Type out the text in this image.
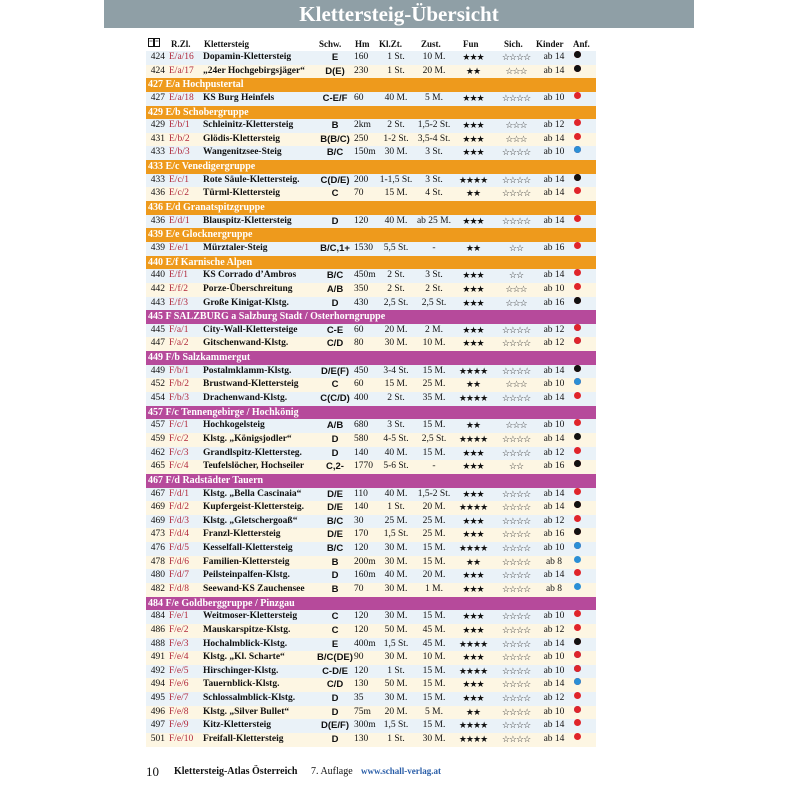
Klettersteig-Übersicht
R.Zl. Klettersteig	Schw. Hm Kl.Zt. Zust. Fun	Sich. Kinder Anf.
424 E/a/16 Dopamin-Klettersteig	E	160	1 St.	10 M.	★★★	☆☆☆☆	ab 14
424 E/a/17 „24er Hochgebirgsjäger“	D(E) 230	1 St.	20 M.	★★	☆☆☆	ab 14
427 E/a Hochpustertal
427 E/a/18 KS Burg Heinfels	C-E/F 60	40 M.	5 M.	★★★	☆☆☆☆	ab 10
429 E/b Schobergruppe
429 E/b/1 Schleinitz-Klettersteig	B	2km	2 St.	1,5-2 St.	★★★	☆☆☆	ab 12
431 E/b/2 Glödis-Klettersteig	B(B/C) 250	1-2 St. 3,5-4 St.	★★★	☆☆☆	ab 14
433 E/b/3 Wangenitzsee-Steig	B/C	150m 30 M.	3 St.	★★★	☆☆☆☆	ab 10
433 E/c Venedigergruppe
433 E/c/1 Rote Säule-Klettersteig.	C(D/E) 200	1-1,5 St.	3 St.	★★★★	☆☆☆☆	ab 14
436 E/c/2 Türml-Klettersteig	C	70	15 M.	4 St.	★★	☆☆☆☆	ab 14
436 E/d Granatspitzgruppe
436 E/d/1 Blauspitz-Klettersteig	D	120	40 M.	ab 25 M.	★★★	☆☆☆☆	ab 14
439 E/e Glocknergruppe
439 E/e/1 Mürztaler-Steig	B/C,1+ 1530	5,5 St.	-	★★	☆☆	ab 16
440 E/f Karnische Alpen
440 E/f/1 KS Corrado d’Ambros	B/C	450m	2 St.	3 St.	★★★	☆☆	ab 14
442 E/f/2 Porze-Überschreitung	A/B	350	2 St.	2 St.	★★★	☆☆☆	ab 10
443 E/f/3 Große Kinigat-Klstg.	D	430	2,5 St.	2,5 St.	★★★	☆☆☆	ab 16
445 F SALZBURG a Salzburg Stadt / Osterhorngruppe
445 F/a/1 City-Wall-Klettersteige	C-E	60	20 M.	2 M.	★★★	☆☆☆☆	ab 12
447 F/a/2 Gitschenwand-Klstg.	C/D	80	30 M.	10 M.	★★★	☆☆☆☆	ab 12
449 F/b Salzkammergut
449 F/b/1 Postalmklamm-Klstg.	D/E(F) 450	3-4 St.	15 M.	★★★★	☆☆☆☆	ab 14
452 F/b/2 Brustwand-Klettersteig	C	60	15 M.	25 M.	★★	☆☆☆	ab 10
454 F/b/3 Drachenwand-Klstg.	C(C/D) 400	2 St.	35 M.	★★★★	☆☆☆☆	ab 14
457 F/c Tennengebirge / Hochkönig
457 F/c/1 Hochkogelsteig	A/B	680	3 St.	15 M.	★★	☆☆☆	ab 10
459 F/c/2 Klstg. „Königsjodler“	D	580	4-5 St.	2,5 St.	★★★★	☆☆☆☆	ab 14
462 F/c/3 Grandlspitz-Klettersteg.	D	140	40 M.	15 M.	★★★	☆☆☆☆	ab 12
465 F/c/4 Teufelslöcher, Hochseiler	C,2-	1770	5-6 St.	-	★★★	☆☆	ab 16
467 F/d Radstädter Tauern
467 F/d/1 Klstg. „Bella Cascinaia“	D/E	110	40 M.	1,5-2 St.	★★★	☆☆☆☆	ab 14
469 F/d/2 Kupfergeist-Klettersteig.	D/E	140	1 St.	20 M.	★★★★	☆☆☆☆	ab 14
469 F/d/3 Klstg. „Gletschergoaß“	B/C	30	25 M.	25 M.	★★★	☆☆☆☆	ab 12
473 F/d/4 Franzl-Klettersteig	D/E	170	1,5 St.	25 M.	★★★	☆☆☆☆	ab 16
476 F/d/5 Kesselfall-Klettersteig	B/C	120	30 M.	15 M.	★★★★	☆☆☆☆	ab 10
478 F/d/6 Familien-Klettersteig	B	200m 30 M.	15 M.	★★	☆☆☆☆	ab 8
480 F/d/7 Peilsteinpalfen-Klstg.	D	160m 40 M.	20 M.	★★★	☆☆☆☆	ab 14
482 F/d/8 Seewand-KS Zauchensee	B	70	30 M.	1 M.	★★★	☆☆☆☆	ab 8
484 F/e Goldberggruppe / Pinzgau
484 F/e/1 Weitmoser-Klettersteig	C	120	30 M.	15 M.	★★★	☆☆☆☆	ab 10
486 F/e/2 Mauskarspitze-Klstg.	C	120	50 M.	45 M.	★★★	☆☆☆☆	ab 12
488 F/e/3 Hochalmblick-Klstg.	E	400m 1,5 St.	45 M.	★★★★	☆☆☆☆	ab 14
491 F/e/4 Klstg. „Kl. Scharte“	B/C(DE) 90	30 M.	10 M.	★★★	☆☆☆☆	ab 10
492 F/e/5 Hirschinger-Klstg.	C-D/E 120	1 St.	15 M.	★★★★	☆☆☆☆	ab 10
494 F/e/6 Tauernblick-Klstg.	C/D	130	50 M.	15 M.	★★★	☆☆☆☆	ab 14
495 F/e/7 Schlossalmblick-Klstg.	D	35	30 M.	15 M.	★★★	☆☆☆☆	ab 12
496 F/e/8 Klstg. „Silver Bullet“	D	75m	20 M.	5 M.	★★	☆☆☆☆	ab 10
497 F/e/9 Kitz-Klettersteig	D(E/F) 300m 1,5 St.	15 M.	★★★★	☆☆☆☆	ab 14
501 F/e/10 Freifall-Klettersteig	D	130	1 St.	30 M.	★★★★	☆☆☆☆	ab 14
10 Klettersteig-Atlas Österreich 7. Auflage www.schall-verlag.at
